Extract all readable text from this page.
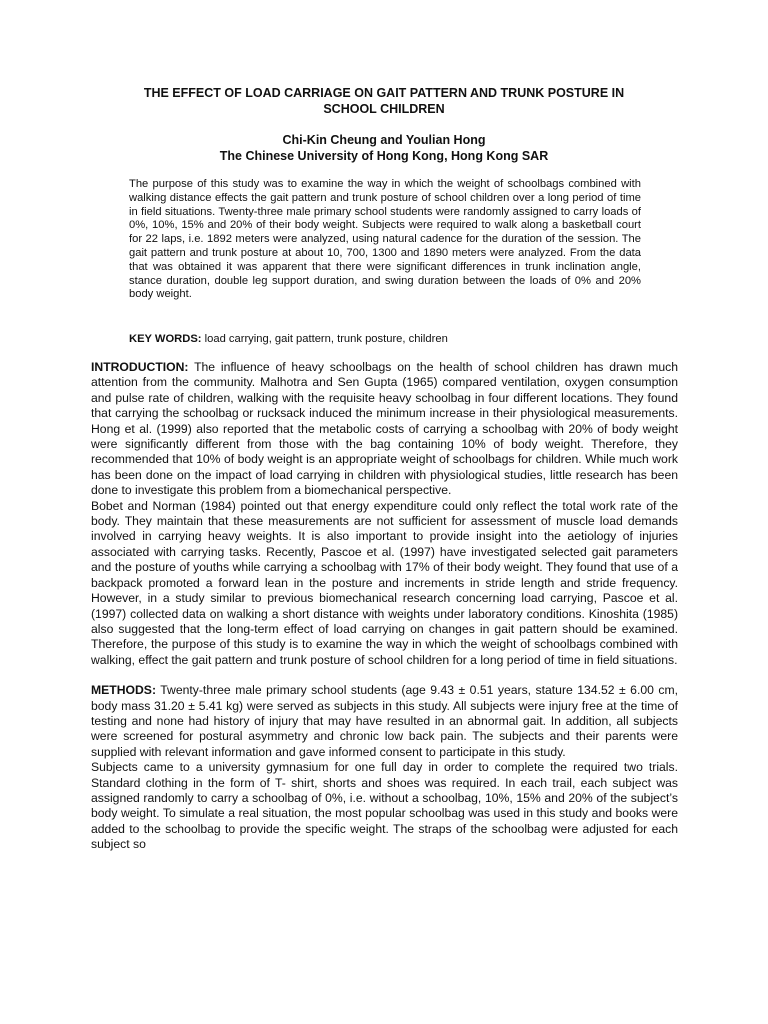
THE EFFECT OF LOAD CARRIAGE ON GAIT PATTERN AND TRUNK POSTURE IN
SCHOOL CHILDREN
Chi-Kin Cheung and Youlian Hong
The Chinese University of Hong Kong, Hong Kong SAR

The purpose of this study was to examine the way in which the weight of schoolbags combined with walking distance effects the gait pattern and trunk posture of school children over a long period of time in field situations. Twenty-three male primary school students were randomly assigned to carry loads of 0%, 10%, 15% and 20% of their body weight. Subjects were required to walk along a basketball court for 22 laps, i.e. 1892 meters were analyzed, using natural cadence for the duration of the session. The gait pattern and trunk posture at about 10, 700, 1300 and 1890 meters were analyzed. From the data that was obtained it was apparent that there were significant differences in trunk inclination angle, stance duration, double leg support duration, and swing duration between the loads of 0% and 20% body weight.

KEY WORDS: load carrying, gait pattern, trunk posture, children

INTRODUCTION: The influence of heavy schoolbags on the health of school children has drawn much attention from the community. Malhotra and Sen Gupta (1965) compared ventilation, oxygen consumption and pulse rate of children, walking with the requisite heavy schoolbag in four different locations. They found that carrying the schoolbag or rucksack induced the minimum increase in their physiological measurements. Hong et al. (1999) also reported that the metabolic costs of carrying a schoolbag with 20% of body weight were significantly different from those with the bag containing 10% of body weight. Therefore, they recommended that 10% of body weight is an appropriate weight of schoolbags for children. While much work has been done on the impact of load carrying in children with physiological studies, little research has been done to investigate this problem from a biomechanical perspective.

Bobet and Norman (1984) pointed out that energy expenditure could only reflect the total work rate of the body. They maintain that these measurements are not sufficient for assessment of muscle load demands involved in carrying heavy weights. It is also important to provide insight into the aetiology of injuries associated with carrying tasks. Recently, Pascoe et al. (1997) have investigated selected gait parameters and the posture of youths while carrying a schoolbag with 17% of their body weight. They found that use of a backpack promoted a forward lean in the posture and increments in stride length and stride frequency. However, in a study similar to previous biomechanical research concerning load carrying, Pascoe et al. (1997) collected data on walking a short distance with weights under laboratory conditions. Kinoshita (1985) also suggested that the long-term effect of load carrying on changes in gait pattern should be examined. Therefore, the purpose of this study is to examine the way in which the weight of schoolbags combined with walking, effect the gait pattern and trunk posture of school children for a long period of time in field situations.

METHODS: Twenty-three male primary school students (age 9.43 ± 0.51 years, stature 134.52 ± 6.00 cm, body mass 31.20 ± 5.41 kg) were served as subjects in this study. All subjects were injury free at the time of testing and none had history of injury that may have resulted in an abnormal gait. In addition, all subjects were screened for postural asymmetry and chronic low back pain. The subjects and their parents were supplied with relevant information and gave informed consent to participate in this study.

Subjects came to a university gymnasium for one full day in order to complete the required two trials. Standard clothing in the form of T- shirt, shorts and shoes was required. In each trail, each subject was assigned randomly to carry a schoolbag of 0%, i.e. without a schoolbag, 10%, 15% and 20% of the subject’s body weight. To simulate a real situation, the most popular schoolbag was used in this study and books were added to the schoolbag to provide the specific weight. The straps of the schoolbag were adjusted for each subject so
